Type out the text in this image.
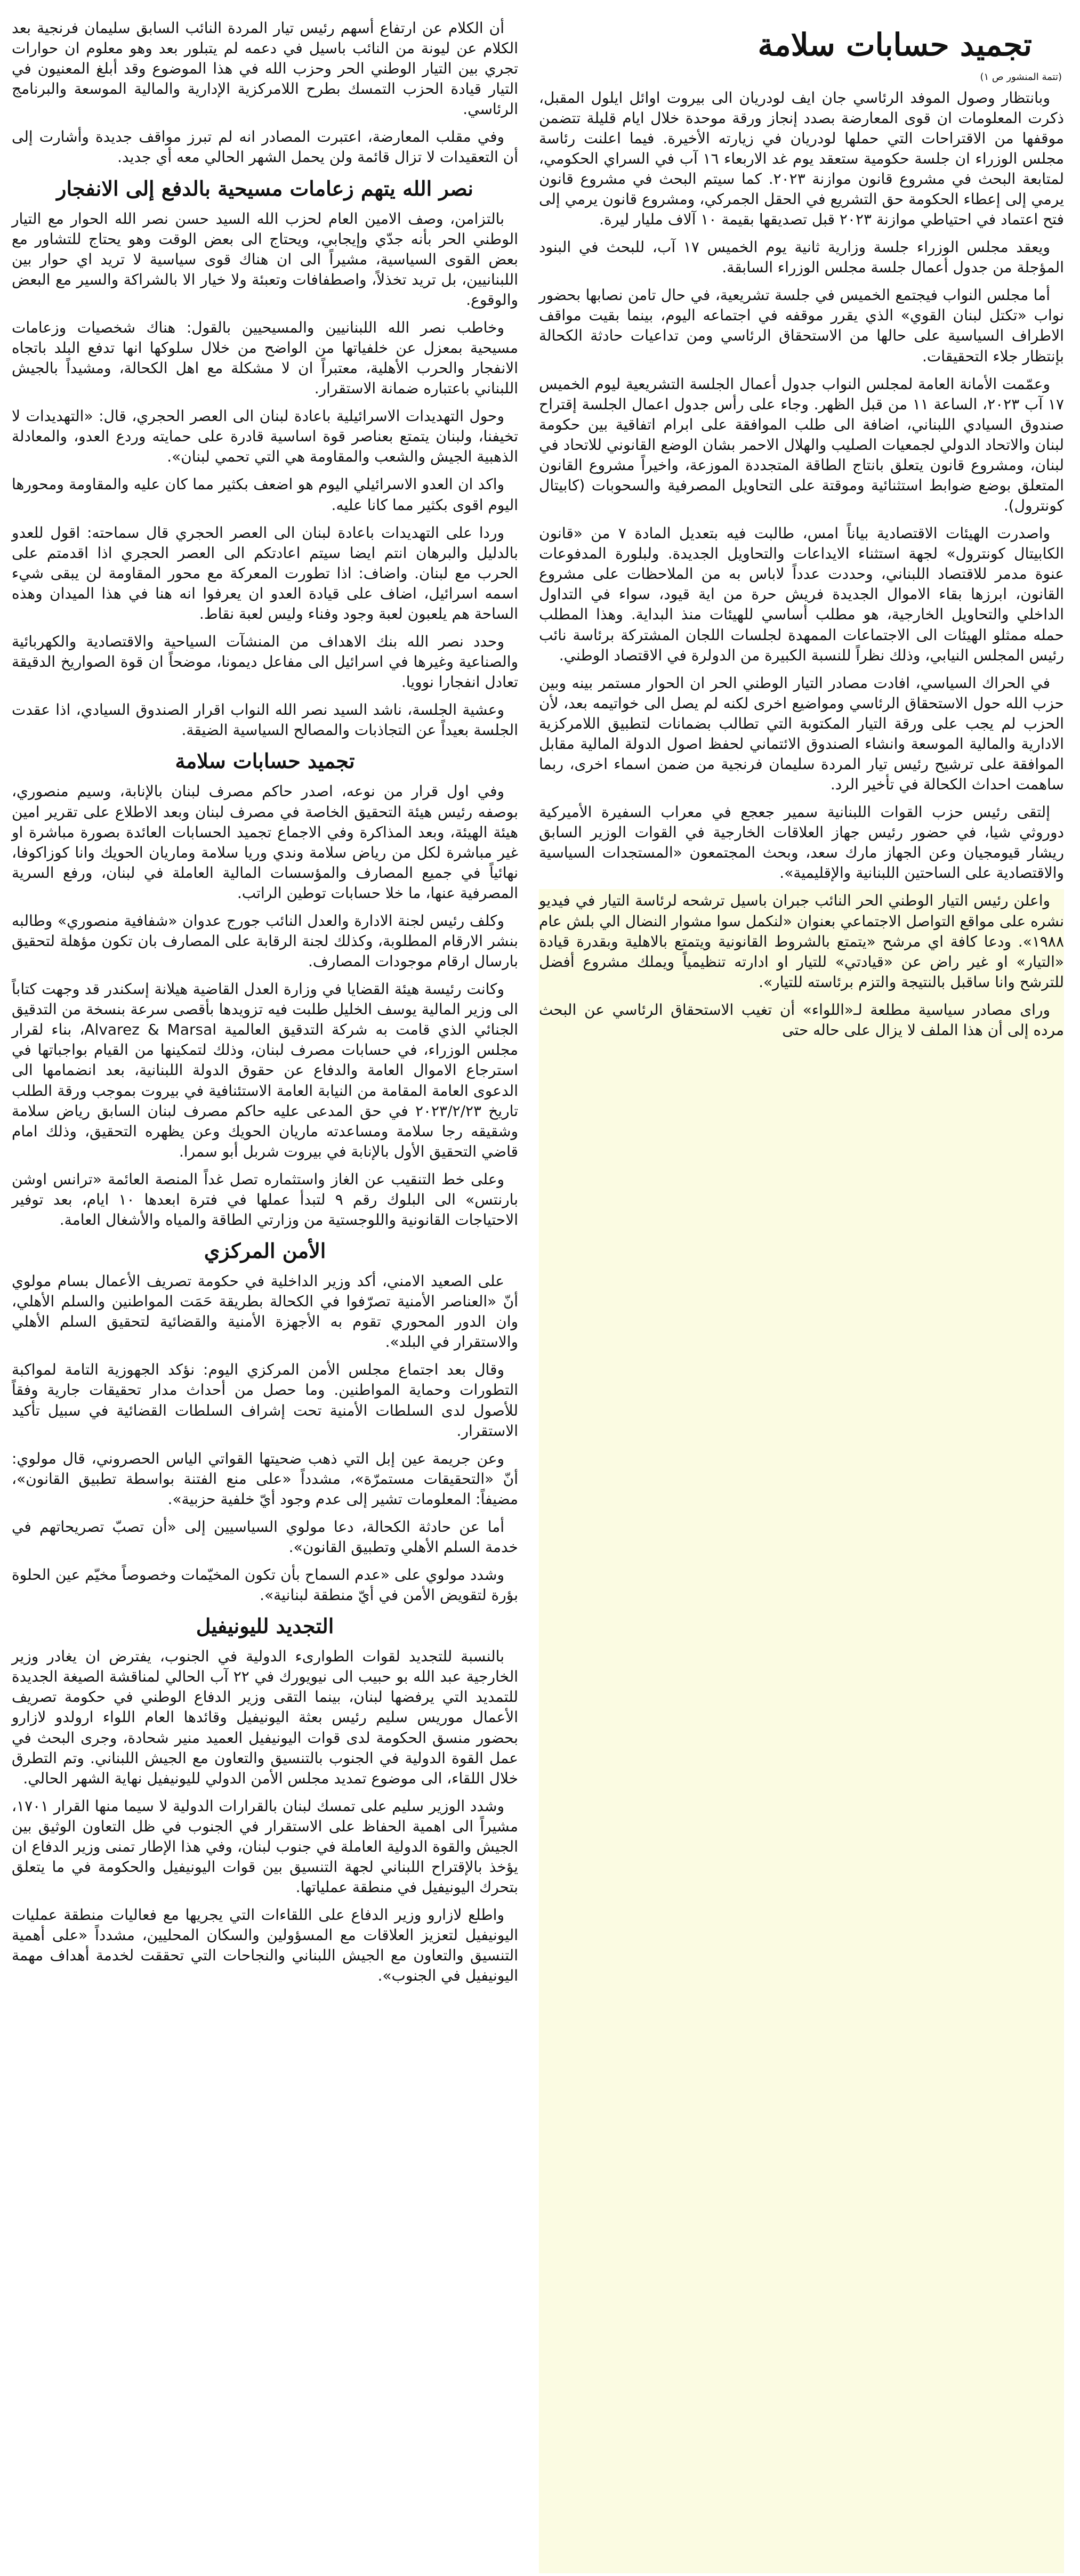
تجميد حسابات سلامة
(تتمة المنشور ص ١)

وبانتظار وصول الموفد الرئاسي جان ايف لودريان الى بيروت اوائل ايلول المقبل، ذكرت المعلومات ان قوى المعارضة بصدد إنجاز ورقة موحدة خلال ايام قليلة تتضمن موقفها من الاقتراحات التي حملها لودريان في زيارته الأخيرة. فيما اعلنت رئاسة مجلس الوزراء ان جلسة حكومية ستعقد يوم غد الاربعاء ١٦ آب في السراي الحكومي، لمتابعة البحث في مشروع قانون موازنة ٢٠٢٣. كما سيتم البحث في مشروع قانون يرمي إلى إعطاء الحكومة حق التشريع في الحقل الجمركي، ومشروع قانون يرمي إلى فتح اعتماد في احتياطي موازنة ٢٠٢٣ قبل تصديقها بقيمة ١٠ آلاف مليار ليرة.

ويعقد مجلس الوزراء جلسة وزارية ثانية يوم الخميس ١٧ آب، للبحث في البنود المؤجلة من جدول أعمال جلسة مجلس الوزراء السابقة.

أما مجلس النواب فيجتمع الخميس في جلسة تشريعية، في حال تامن نصابها بحضور نواب «تكتل لبنان القوي» الذي يقرر موقفه في اجتماعه اليوم، بينما بقيت مواقف الاطراف السياسية على حالها من الاستحقاق الرئاسي ومن تداعيات حادثة الكحالة بإنتظار جلاء التحقيقات.

وعمّمت الأمانة العامة لمجلس النواب جدول أعمال الجلسة التشريعية ليوم الخميس ١٧ آب ٢٠٢٣، الساعة ١١ من قبل الظهر. وجاء على رأس جدول اعمال الجلسة إقتراح صندوق السيادي اللبناني، اضافة الى طلب الموافقة على ابرام اتفاقية بين حكومة لبنان والاتحاد الدولي لجمعيات الصليب والهلال الاحمر بشان الوضع القانوني للاتحاد في لبنان، ومشروع قانون يتعلق بانتاج الطاقة المتجددة الموزعة، واخيراً مشروع القانون المتعلق بوضع ضوابط استثنائية وموقتة على التحاويل المصرفية والسحوبات (كابيتال كونترول).

واصدرت الهيئات الاقتصادية بياناً امس، طالبت فيه بتعديل المادة ٧ من «قانون الكابيتال كونترول» لجهة استثناء الايداعات والتحاويل الجديدة. ولبلورة المدفوعات عنوة مدمر للاقتصاد اللبناني، وحددت عدداً لاباس به من الملاحظات على مشروع القانون، ابرزها بقاء الاموال الجديدة فريش حرة من اية قيود، سواء في التداول الداخلي والتحاويل الخارجية، هو مطلب أساسي للهيئات منذ البداية. وهذا المطلب حمله ممثلو الهيئات الى الاجتماعات الممهدة لجلسات اللجان المشتركة برئاسة نائب رئيس المجلس النيابي، وذلك نظراً للنسبة الكبيرة من الدولرة في الاقتصاد الوطني.

في الحراك السياسي، افادت مصادر التيار الوطني الحر ان الحوار مستمر بينه وبين حزب الله حول الاستحقاق الرئاسي ومواضيع اخرى لكنه لم يصل الى خواتيمه بعد، لأن الحزب لم يجب على ورقة التيار المكتوبة التي تطالب بضمانات لتطبيق اللامركزية الادارية والمالية الموسعة وانشاء الصندوق الائتماني لحفظ اصول الدولة المالية مقابل الموافقة على ترشيح رئيس تيار المردة سليمان فرنجية من ضمن اسماء اخرى، ربما ساهمت احداث الكحالة في تأخير الرد.

إلتقى رئيس حزب القوات اللبنانية سمير جعجع في معراب السفيرة الأميركية دوروثي شيا، في حضور رئيس جهاز العلاقات الخارجية في القوات الوزير السابق ريشار قيومجيان وعن الجهاز مارك سعد، وبحث المجتمعون «المستجدات السياسية والاقتصادية على الساحتين اللبنانية والإقليمية».

واعلن رئيس التيار الوطني الحر النائب جبران باسيل ترشحه لرئاسة التيار في فيديو نشره على مواقع التواصل الاجتماعي بعنوان «لنكمل سوا مشوار النضال الي بلش عام ١٩٨٨». ودعا كافة اي مرشح «يتمتع بالشروط القانونية ويتمتع بالاهلية وبقدرة قيادة «التيار» او غير راض عن «قيادتي» للتيار او ادارته تنظيمياً ويملك مشروع أفضل للترشح وانا ساقبل بالنتيجة والتزم برئاسته للتيار».

وراى مصادر سياسية مطلعة لـ«اللواء» أن تغيب الاستحقاق الرئاسي عن البحث مرده إلى أن هذا الملف لا يزال على حاله حتى

أن الكلام عن ارتفاع أسهم رئيس تيار المردة النائب السابق سليمان فرنجية بعد الكلام عن ليونة من النائب باسيل في دعمه لم يتبلور بعد وهو معلوم ان حوارات تجري بين التيار الوطني الحر وحزب الله في هذا الموضوع وقد أبلغ المعنيون في التيار قيادة الحزب التمسك بطرح اللامركزية الإدارية والمالية الموسعة والبرنامج الرئاسي.

وفي مقلب المعارضة، اعتبرت المصادر انه لم تبرز مواقف جديدة وأشارت إلى أن التعقيدات لا تزال قائمة ولن يحمل الشهر الحالي معه أي جديد.

نصر الله يتهم زعامات مسيحية بالدفع إلى الانفجار

بالتزامن، وصف الامين العام لحزب الله السيد حسن نصر الله الحوار مع التيار الوطني الحر بأنه جدّي وإيجابي، ويحتاج الى بعض الوقت وهو يحتاج للتشاور مع بعض القوى السياسية، مشيراً الى ان هناك قوى سياسية لا تريد اي حوار بين اللبنانيين، بل تريد تخذلاً، واصطفافات وتعبئة ولا خيار الا بالشراكة والسير مع البعض والوقوع.

وخاطب نصر الله اللبنانيين والمسيحيين بالقول: هناك شخصيات وزعامات مسيحية بمعزل عن خلفياتها من الواضح من خلال سلوكها انها تدفع البلد باتجاه الانفجار والحرب الأهلية، معتبراً ان لا مشكلة مع اهل الكحالة، ومشيداً بالجيش اللبناني باعتباره ضمانة الاستقرار.

وحول التهديدات الاسرائيلية باعادة لبنان الى العصر الحجري، قال: «التهديدات لا تخيفنا، ولبنان يتمتع بعناصر قوة اساسية قادرة على حمايته وردع العدو، والمعادلة الذهبية الجيش والشعب والمقاومة هي التي تحمي لبنان».

واكد ان العدو الاسرائيلي اليوم هو اضعف بكثير مما كان عليه والمقاومة ومحورها اليوم اقوى بكثير مما كانا عليه.

وردا على التهديدات باعادة لبنان الى العصر الحجري قال سماحته: اقول للعدو بالدليل والبرهان انتم ايضا سيتم اعادتكم الى العصر الحجري اذا اقدمتم على الحرب مع لبنان. واضاف: اذا تطورت المعركة مع محور المقاومة لن يبقى شيء اسمه اسرائيل، اضاف على قيادة العدو ان يعرفوا انه هنا في هذا الميدان وهذه الساحة هم يلعبون لعبة وجود وفناء وليس لعبة نقاط.

وحدد نصر الله بنك الاهداف من المنشآت السياحية والاقتصادية والكهربائية والصناعية وغيرها في اسرائيل الى مفاعل ديمونا، موضحاً ان قوة الصواريخ الدقيقة تعادل انفجارا نوويا.

وعشية الجلسة، ناشد السيد نصر الله النواب اقرار الصندوق السيادي، اذا عقدت الجلسة بعيداً عن التجاذبات والمصالح السياسية الضيقة.

تجميد حسابات سلامة

وفي اول قرار من نوعه، اصدر حاكم مصرف لبنان بالإنابة، وسيم منصوري، بوصفه رئيس هيئة التحقيق الخاصة في مصرف لبنان وبعد الاطلاع على تقرير امين هيئة الهيئة، وبعد المذاكرة وفي الاجماع تجميد الحسابات العائدة بصورة مباشرة او غير مباشرة لكل من رياض سلامة وندي وريا سلامة وماريان الحويك وانا كوزاكوفا، نهائياً في جميع المصارف والمؤسسات المالية العاملة في لبنان، ورفع السرية المصرفية عنها، ما خلا حسابات توطين الراتب.

وكلف رئيس لجنة الادارة والعدل النائب جورج عدوان «شفافية منصوري» وطالبه بنشر الارقام المطلوبة، وكذلك لجنة الرقابة على المصارف بان تكون مؤهلة لتحقيق بارسال ارقام موجودات المصارف.

وكانت رئيسة هيئة القضايا في وزارة العدل القاضية هيلانة إسكندر قد وجهت كتاباً الى وزير المالية يوسف الخليل طلبت فيه تزويدها بأقصى سرعة بنسخة من التدقيق الجنائي الذي قامت به شركة التدقيق العالمية Alvarez & Marsal، بناء لقرار مجلس الوزراء، في حسابات مصرف لبنان، وذلك لتمكينها من القيام بواجباتها في استرجاع الاموال العامة والدفاع عن حقوق الدولة اللبنانية، بعد انضمامها الى الدعوى العامة المقامة من النيابة العامة الاستئنافية في بيروت بموجب ورقة الطلب تاريخ ٢٠٢٣/٢/٢٣ في حق المدعى عليه حاكم مصرف لبنان السابق رياض سلامة وشقيقه رجا سلامة ومساعدته ماريان الحويك وعن يظهره التحقيق، وذلك امام قاضي التحقيق الأول بالإنابة في بيروت شربل أبو سمرا.

وعلى خط التنقيب عن الغاز واستثماره تصل غداً المنصة العائمة «ترانس اوشن بارنتس» الى البلوك رقم ٩ لتبدأ عملها في فترة ابعدها ١٠ ايام، بعد توفير الاحتياجات القانونية واللوجستية من وزارتي الطاقة والمياه والأشغال العامة.

الأمن المركزي

على الصعيد الامني، أكد وزير الداخلية في حكومة تصريف الأعمال بسام مولوي أنّ «العناصر الأمنية تصرّفوا في الكحالة بطريقة حَمَت المواطنين والسلم الأهلي، وان الدور المحوري تقوم به الأجهزة الأمنية والقضائية لتحقيق السلم الأهلي والاستقرار في البلد».

وقال بعد اجتماع مجلس الأمن المركزي اليوم: نؤكد الجهوزية التامة لمواكبة التطورات وحماية المواطنين. وما حصل من أحداث مدار تحقيقات جارية وفقاً للأصول لدى السلطات الأمنية تحت إشراف السلطات القضائية في سبيل تأكيد الاستقرار.

وعن جريمة عين إبل التي ذهب ضحيتها القواتي الياس الحصروني، قال مولوي: أنّ «التحقيقات مستمرّة»، مشدداً «على منع الفتنة بواسطة تطبيق القانون»، مضيفاً: المعلومات تشير إلى عدم وجود أيّ خلفية حزبية».

أما عن حادثة الكحالة، دعا مولوي السياسيين إلى «أن تصبّ تصريحاتهم في خدمة السلم الأهلي وتطبيق القانون».

وشدد مولوي على «عدم السماح بأن تكون المخيّمات وخصوصاً مخيّم عين الحلوة بؤرة لتقويض الأمن في أيّ منطقة لبنانية».

التجديد لليونيفيل

بالنسبة للتجديد لقوات الطوارىء الدولية في الجنوب، يفترض ان يغادر وزير الخارجية عبد الله بو حبيب الى نيويورك في ٢٢ آب الحالي لمناقشة الصيغة الجديدة للتمديد التي يرفضها لبنان، بينما التقى وزير الدفاع الوطني في حكومة تصريف الأعمال موريس سليم رئيس بعثة اليونيفيل وقائدها العام اللواء ارولدو لازارو بحضور منسق الحكومة لدى قوات اليونيفيل العميد منير شحادة، وجرى البحث في عمل القوة الدولية في الجنوب بالتنسيق والتعاون مع الجيش اللبناني. وتم التطرق خلال اللقاء، الى موضوع تمديد مجلس الأمن الدولي لليونيفيل نهاية الشهر الحالي.

وشدد الوزير سليم على تمسك لبنان بالقرارات الدولية لا سيما منها القرار ١٧٠١، مشيراً الى اهمية الحفاظ على الاستقرار في الجنوب في ظل التعاون الوثيق بين الجيش والقوة الدولية العاملة في جنوب لبنان، وفي هذا الإطار تمنى وزير الدفاع ان يؤخذ بالإقتراح اللبناني لجهة التنسيق بين قوات اليونيفيل والحكومة في ما يتعلق بتحرك اليونيفيل في منطقة عملياتها.

واطلع لازارو وزير الدفاع على اللقاءات التي يجريها مع فعاليات منطقة عمليات اليونيفيل لتعزيز العلاقات مع المسؤولين والسكان المحليين، مشدداً «على أهمية التنسيق والتعاون مع الجيش اللبناني والنجاحات التي تحققت لخدمة أهداف مهمة اليونيفيل في الجنوب».
